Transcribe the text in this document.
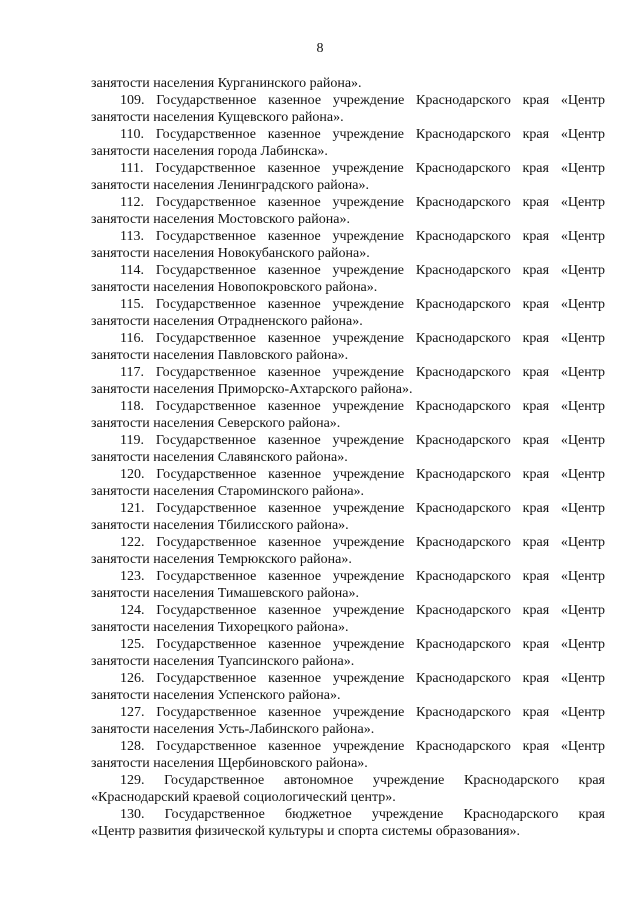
8
занятости населения Курганинского района».
109. Государственное казенное учреждение Краснодарского края «Центр
занятости населения Кущевского района».
110. Государственное казенное учреждение Краснодарского края «Центр
занятости населения города Лабинска».
111. Государственное казенное учреждение Краснодарского края «Центр
занятости населения Ленинградского района».
112. Государственное казенное учреждение Краснодарского края «Центр
занятости населения Мостовского района».
113. Государственное казенное учреждение Краснодарского края «Центр
занятости населения Новокубанского района».
114. Государственное казенное учреждение Краснодарского края «Центр
занятости населения Новопокровского района».
115. Государственное казенное учреждение Краснодарского края «Центр
занятости населения Отрадненского района».
116. Государственное казенное учреждение Краснодарского края «Центр
занятости населения Павловского района».
117. Государственное казенное учреждение Краснодарского края «Центр
занятости населения Приморско-Ахтарского района».
118. Государственное казенное учреждение Краснодарского края «Центр
занятости населения Северского района».
119. Государственное казенное учреждение Краснодарского края «Центр
занятости населения Славянского района».
120. Государственное казенное учреждение Краснодарского края «Центр
занятости населения Староминского района».
121. Государственное казенное учреждение Краснодарского края «Центр
занятости населения Тбилисского района».
122. Государственное казенное учреждение Краснодарского края «Центр
занятости населения Темрюкского района».
123. Государственное казенное учреждение Краснодарского края «Центр
занятости населения Тимашевского района».
124. Государственное казенное учреждение Краснодарского края «Центр
занятости населения Тихорецкого района».
125. Государственное казенное учреждение Краснодарского края «Центр
занятости населения Туапсинского района».
126. Государственное казенное учреждение Краснодарского края «Центр
занятости населения Успенского района».
127. Государственное казенное учреждение Краснодарского края «Центр
занятости населения Усть-Лабинского района».
128. Государственное казенное учреждение Краснодарского края «Центр
занятости населения Щербиновского района».
129. Государственное автономное учреждение Краснодарского края
«Краснодарский краевой социологический центр».
130. Государственное бюджетное учреждение Краснодарского края
«Центр развития физической культуры и спорта системы образования».
